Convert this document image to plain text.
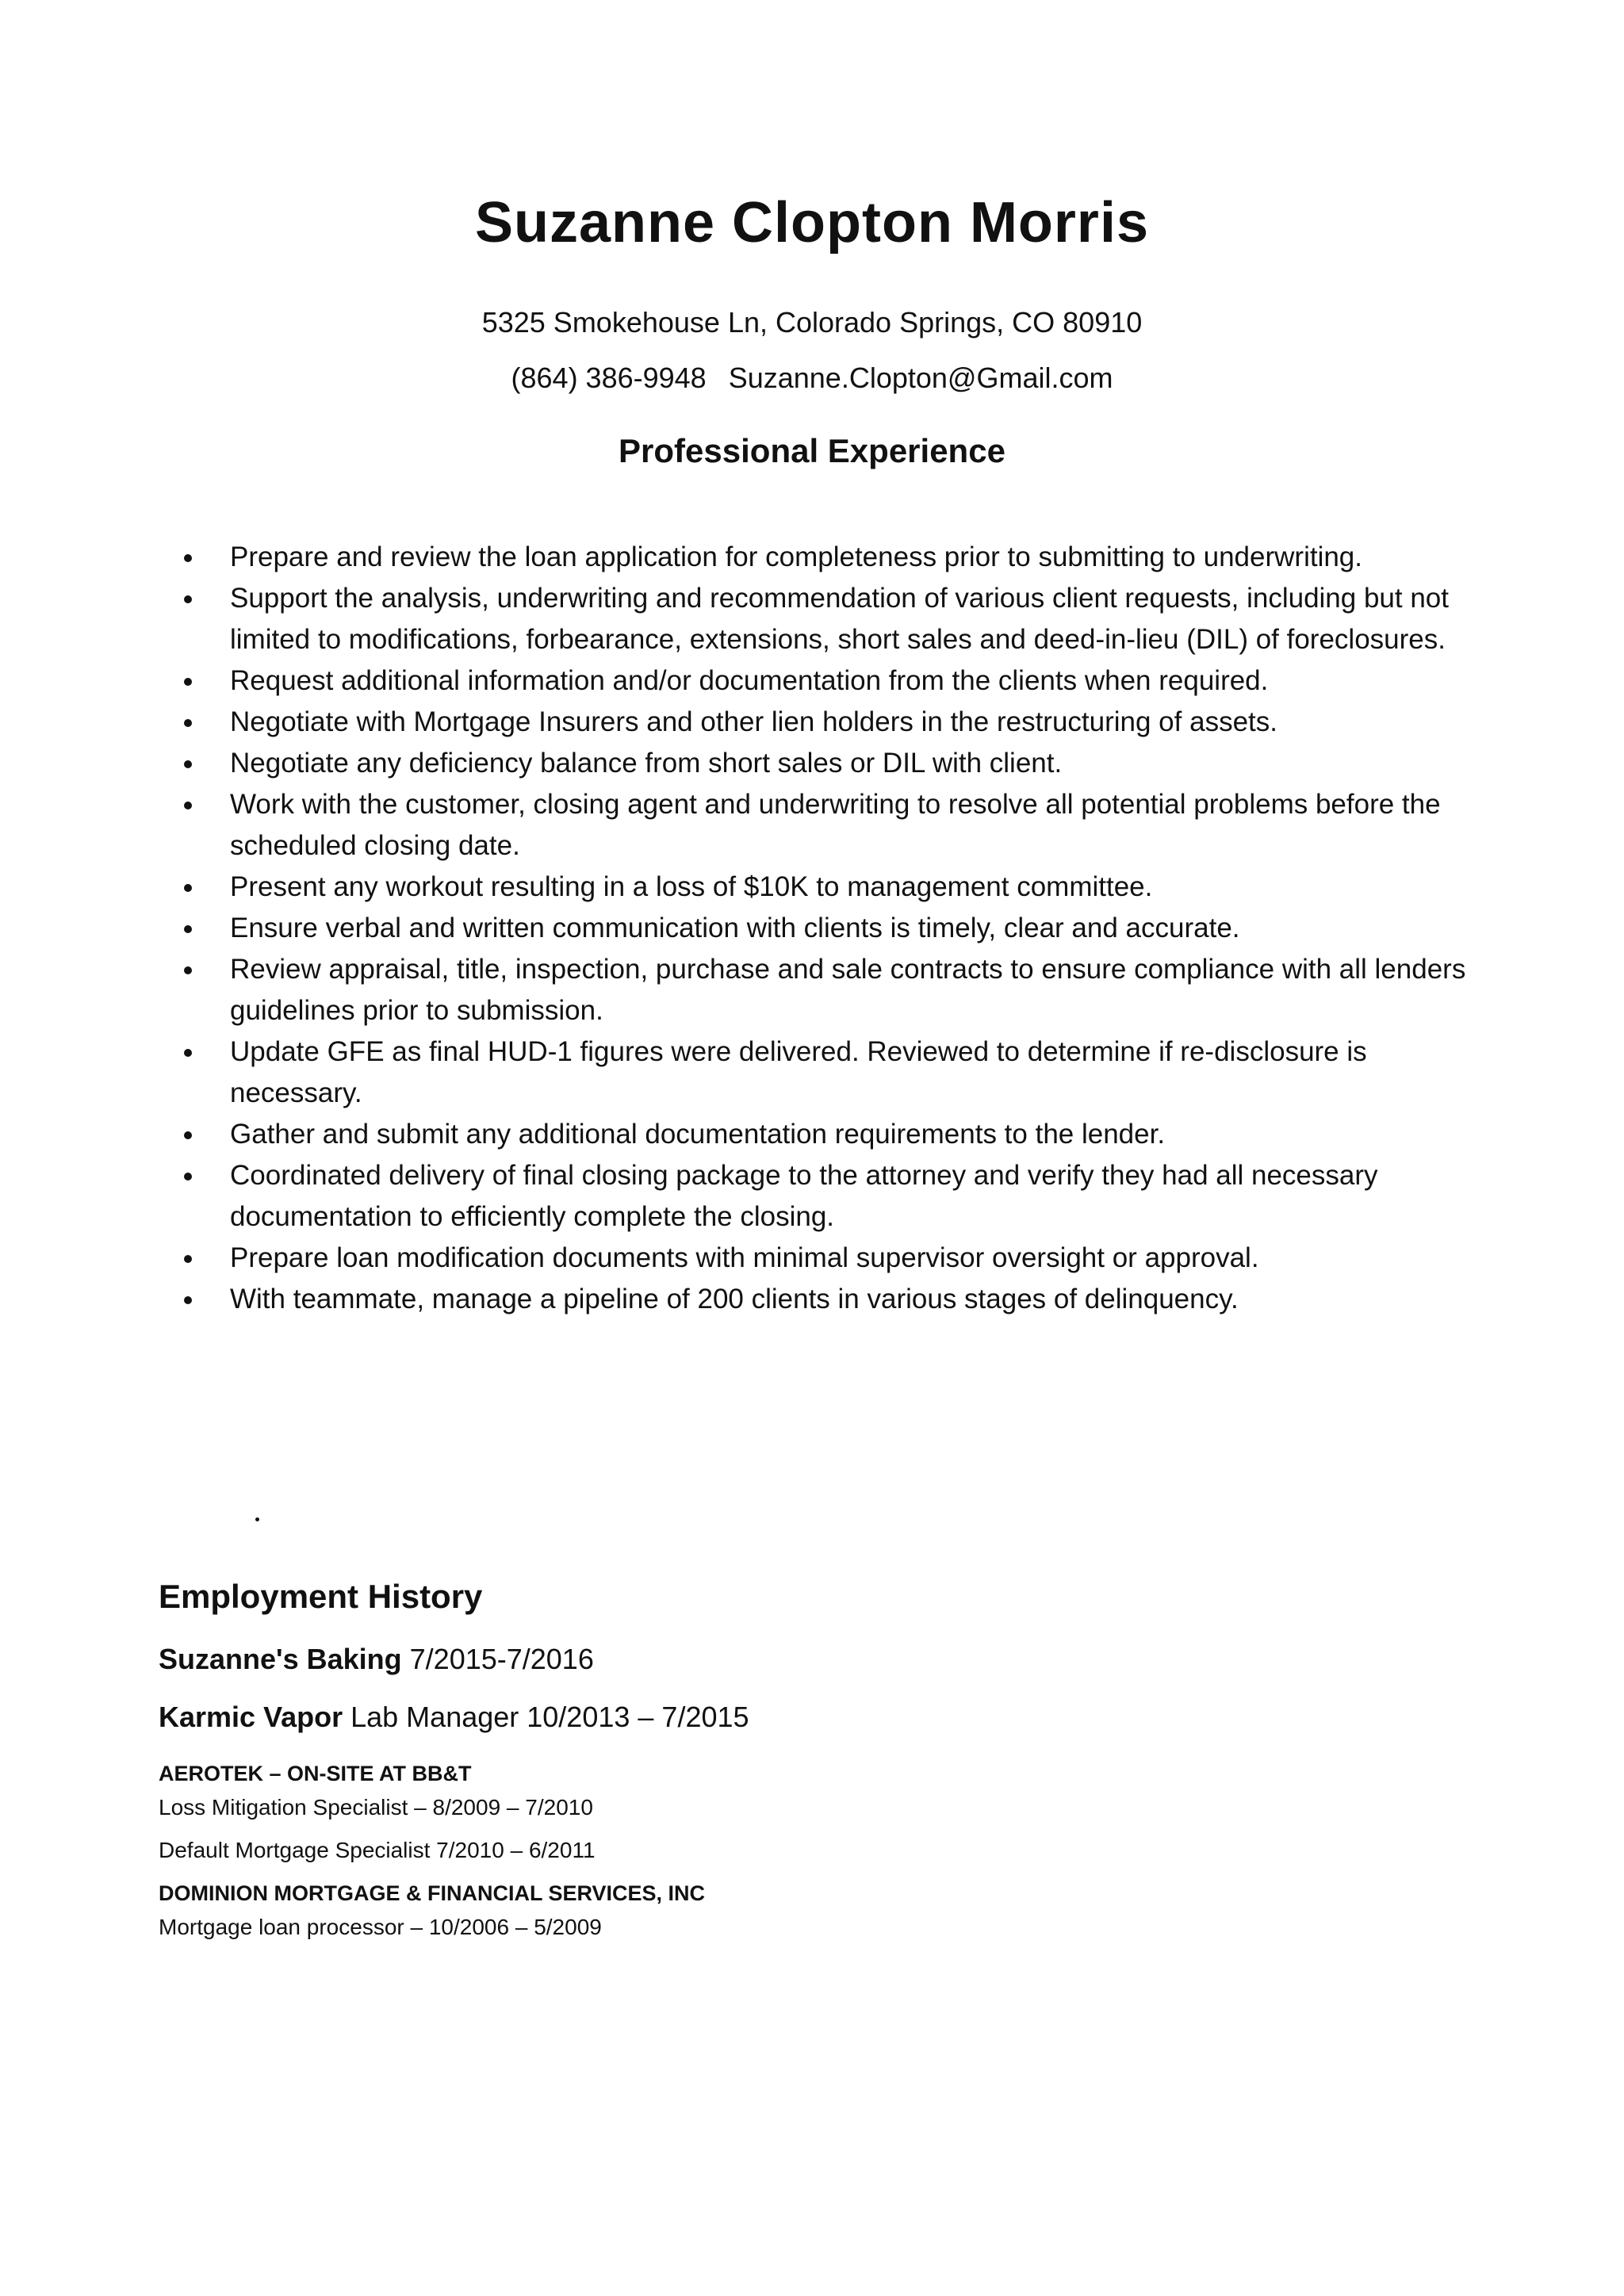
Suzanne Clopton Morris
5325 Smokehouse Ln, Colorado Springs, CO 80910
(864) 386-9948 Suzanne.Clopton@Gmail.com
Professional Experience
Prepare and review the loan application for completeness prior to submitting to underwriting.
Support the analysis, underwriting and recommendation of various client requests, including but not limited to modifications, forbearance, extensions, short sales and deed-in-lieu (DIL) of foreclosures.
Request additional information and/or documentation from the clients when required.
Negotiate with Mortgage Insurers and other lien holders in the restructuring of assets.
Negotiate any deficiency balance from short sales or DIL with client.
Work with the customer, closing agent and underwriting to resolve all potential problems before the scheduled closing date.
Present any workout resulting in a loss of $10K to management committee.
Ensure verbal and written communication with clients is timely, clear and accurate.
Review appraisal, title, inspection, purchase and sale contracts to ensure compliance with all lenders guidelines prior to submission.
Update GFE as final HUD-1 figures were delivered. Reviewed to determine if re-disclosure is necessary.
Gather and submit any additional documentation requirements to the lender.
Coordinated delivery of final closing package to the attorney and verify they had all necessary documentation to efficiently complete the closing.
Prepare loan modification documents with minimal supervisor oversight or approval.
With teammate, manage a pipeline of 200 clients in various stages of delinquency.
Employment History
Suzanne's Baking 7/2015-7/2016
Karmic Vapor Lab Manager 10/2013 – 7/2015
AEROTEK – ON-SITE AT BB&T
Loss Mitigation Specialist – 8/2009 – 7/2010
Default Mortgage Specialist 7/2010 – 6/2011
DOMINION MORTGAGE & FINANCIAL SERVICES, INC
Mortgage loan processor – 10/2006 – 5/2009
